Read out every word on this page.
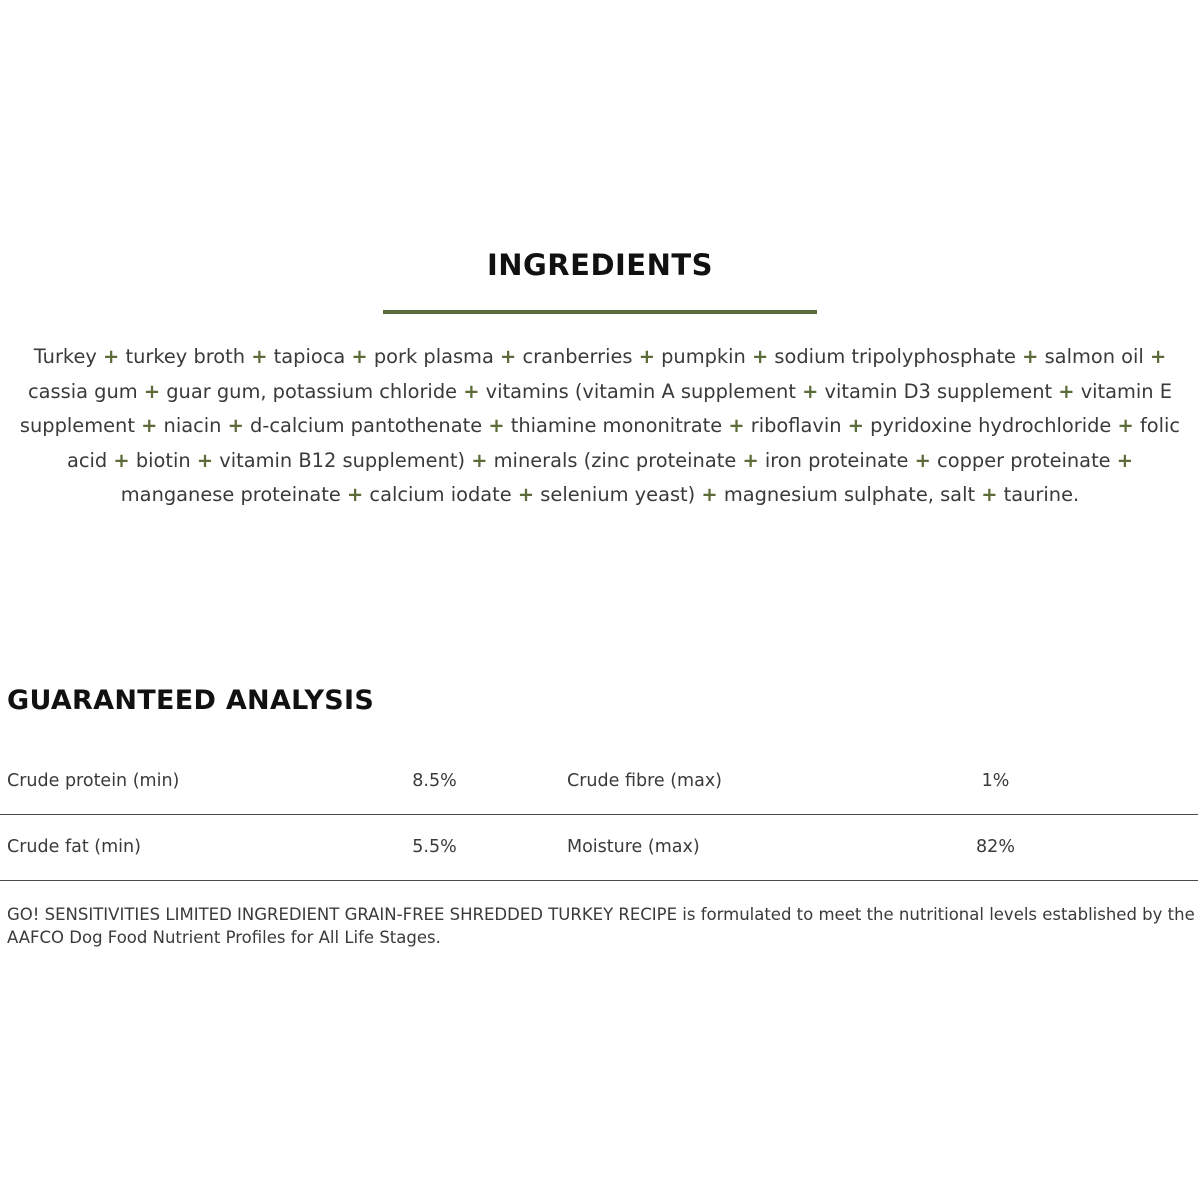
INGREDIENTS

Turkey + turkey broth + tapioca + pork plasma + cranberries + pumpkin + sodium tripolyphosphate + salmon oil + cassia gum + guar gum, potassium chloride + vitamins (vitamin A supplement + vitamin D3 supplement + vitamin E supplement + niacin + d-calcium pantothenate + thiamine mononitrate + riboflavin + pyridoxine hydrochloride + folic acid + biotin + vitamin B12 supplement) + minerals (zinc proteinate + iron proteinate + copper proteinate + manganese proteinate + calcium iodate + selenium yeast) + magnesium sulphate, salt + taurine.

GUARANTEED ANALYSIS
Crude protein (min)	8.5%		Crude fibre (max)	1%	
Crude fat (min)	5.5%		Moisture (max)	82%	

GO! SENSITIVITIES LIMITED INGREDIENT GRAIN-FREE SHREDDED TURKEY RECIPE is formulated to meet the nutritional levels established by the AAFCO Dog Food Nutrient Profiles for All Life Stages.
